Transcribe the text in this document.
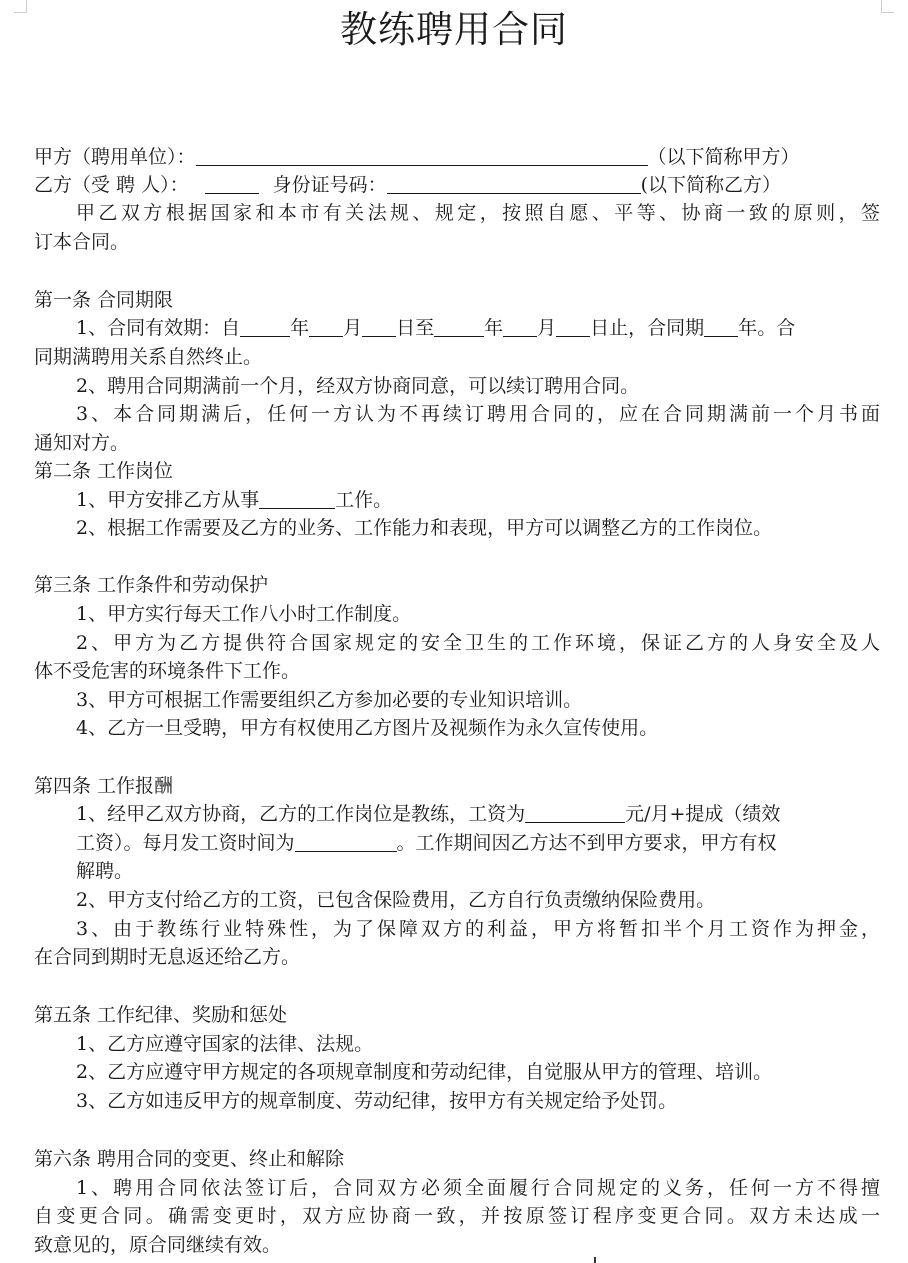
教练聘用合同
甲方（聘用单位）：	（以下简称甲方）
乙方（受 聘 人）：	身份证号码：	(以下简称乙方）
甲乙双方根据国家和本市有关法规、规定，按照自愿、平等、协商一致的原则，签
订本合同。
第一条 合同期限
1、合同有效期：自	年 月 日至	年 月 日止，合同期 年。合
同期满聘用关系自然终止。
2、聘用合同期满前一个月，经双方协商同意，可以续订聘用合同。
3、本合同期满后，任何一方认为不再续订聘用合同的，应在合同期满前一个月书面
通知对方。
第二条 工作岗位
1、甲方安排乙方从事	工作。
2、根据工作需要及乙方的业务、工作能力和表现，甲方可以调整乙方的工作岗位。
第三条 工作条件和劳动保护
1、甲方实行每天工作八小时工作制度。
2、甲方为乙方提供符合国家规定的安全卫生的工作环境，保证乙方的人身安全及人
体不受危害的环境条件下工作。
3、甲方可根据工作需要组织乙方参加必要的专业知识培训。
4、乙方一旦受聘，甲方有权使用乙方图片及视频作为永久宣传使用。
第四条 工作报酬
1、经甲乙双方协商，乙方的工作岗位是教练，工资为	元/月+提成（绩效
工资）。每月发工资时间为	。工作期间因乙方达不到甲方要求，甲方有权
解聘。
2、甲方支付给乙方的工资，已包含保险费用，乙方自行负责缴纳保险费用。
3、由于教练行业特殊性，为了保障双方的利益，甲方将暂扣半个月工资作为押金，
在合同到期时无息返还给乙方。
第五条 工作纪律、奖励和惩处
1、乙方应遵守国家的法律、法规。
2、乙方应遵守甲方规定的各项规章制度和劳动纪律，自觉服从甲方的管理、培训。
3、乙方如违反甲方的规章制度、劳动纪律，按甲方有关规定给予处罚。
第六条 聘用合同的变更、终止和解除
1、聘用合同依法签订后，合同双方必须全面履行合同规定的义务，任何一方不得擅
自变更合同。确需变更时，双方应协商一致，并按原签订程序变更合同。双方未达成一
致意见的，原合同继续有效。
